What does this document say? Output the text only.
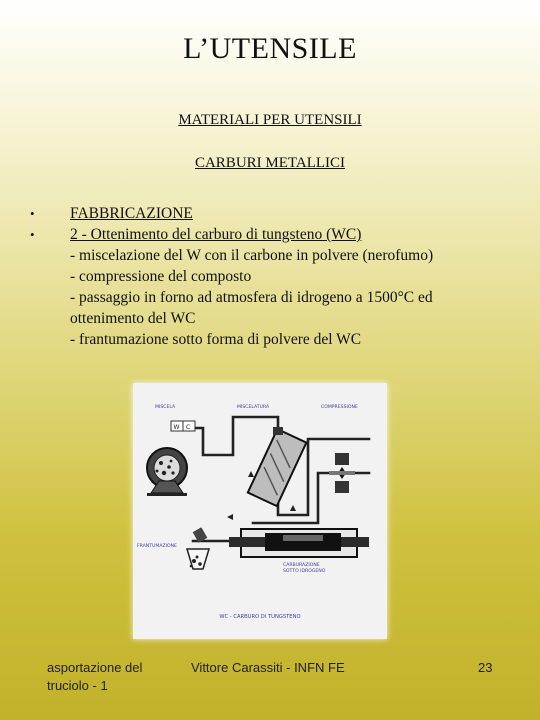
L’UTENSILE
MATERIALI PER UTENSILI
CARBURI METALLICI
•	FABBRICAZIONE
•	2 - Ottenimento del carburo di tungsteno (WC)
- miscelazione del W con il carbone in polvere (nerofumo)
- compressione del composto
- passaggio in forno ad atmosfera di idrogeno a 1500°C ed ottenimento del WC
- frantumazione sotto forma di polvere del WC
MISCELA	MISCELATURA	COMPRESSIONE
W C
CARBURAZIONE
SOTTO IDROGENO
FRANTUMAZIONE
WC - CARBURO DI TUNGSTENO
asportazione del truciolo - 1
Vittore Carassiti - INFN FE	23
